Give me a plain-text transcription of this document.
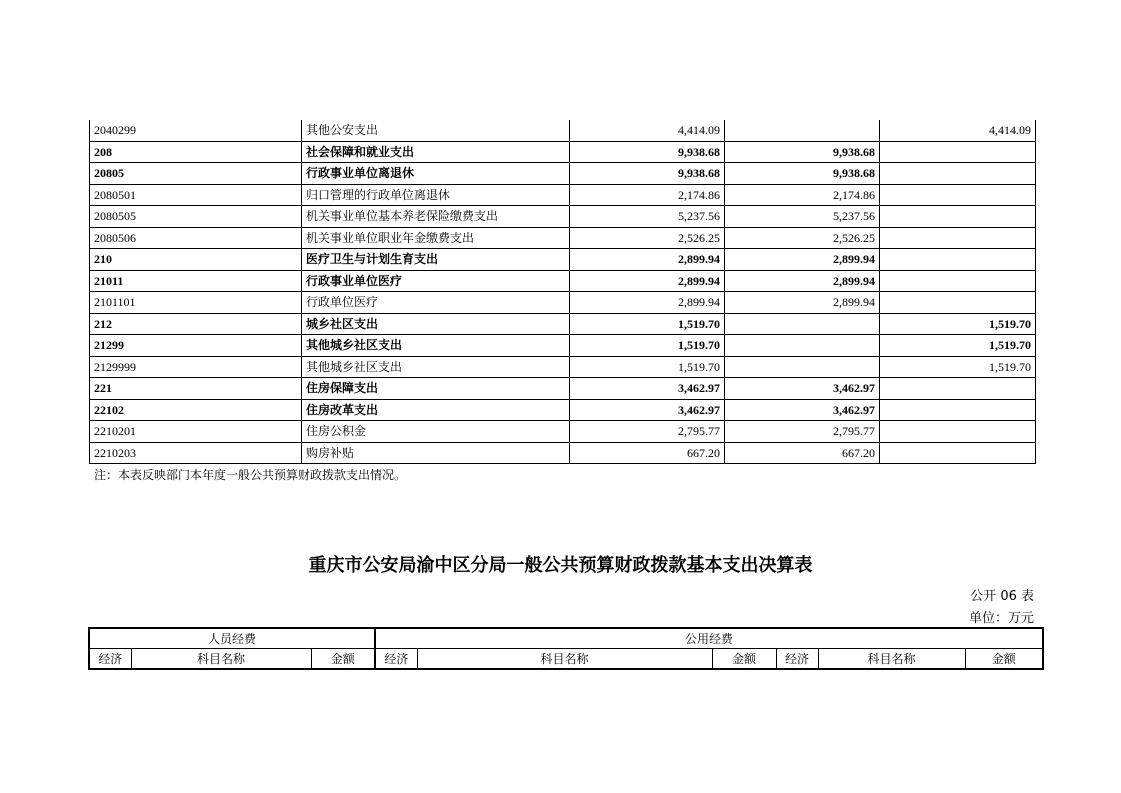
2040299	其他公安支出	4,414.09		4,414.09
208	社会保障和就业支出	9,938.68	9,938.68	
20805	行政事业单位离退休	9,938.68	9,938.68	
2080501	归口管理的行政单位离退休	2,174.86	2,174.86	
2080505	机关事业单位基本养老保险缴费支出	5,237.56	5,237.56	
2080506	机关事业单位职业年金缴费支出	2,526.25	2,526.25	
210	医疗卫生与计划生育支出	2,899.94	2,899.94	
21011	行政事业单位医疗	2,899.94	2,899.94	
2101101	行政单位医疗	2,899.94	2,899.94	
212	城乡社区支出	1,519.70		1,519.70
21299	其他城乡社区支出	1,519.70		1,519.70
2129999	其他城乡社区支出	1,519.70		1,519.70
221	住房保障支出	3,462.97	3,462.97	
22102	住房改革支出	3,462.97	3,462.97	
2210201	住房公积金	2,795.77	2,795.77	
2210203	购房补贴	667.20	667.20	
注：本表反映部门本年度一般公共预算财政拨款支出情况。
重庆市公安局渝中区分局一般公共预算财政拨款基本支出决算表
公开 06 表
单位：万元
人员经费			公用经费					
经济	科目名称	金额	经济	科目名称	金额	经济	科目名称	金额
